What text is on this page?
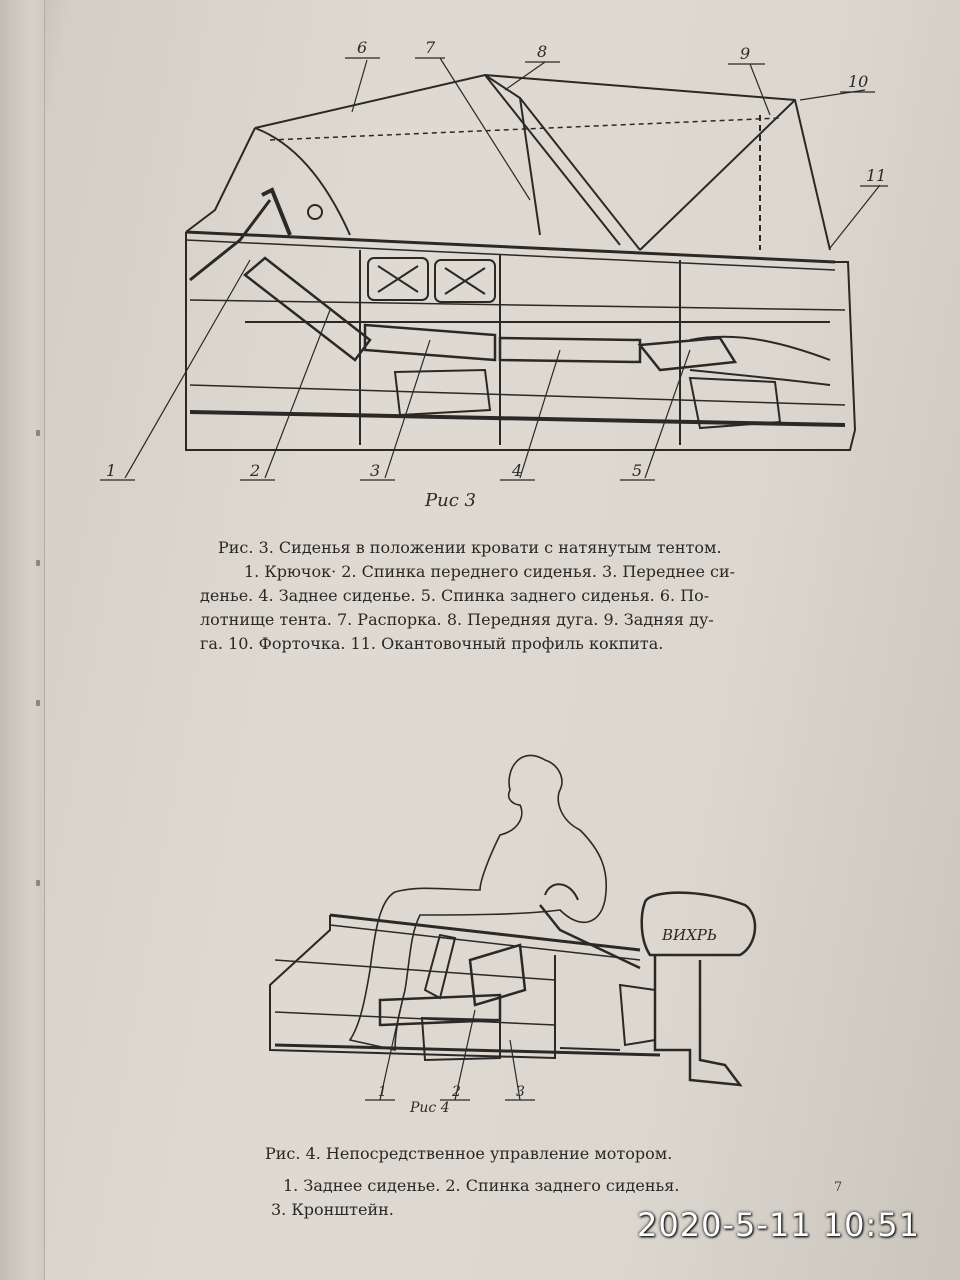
1	2	3	4	5
6	7	8	9
10
11
ВИХРЬ
1	2	3
Рис 3
Рис. 3. Сиденья в положении кровати с натянутым тентом.
1. Крючок· 2. Спинка переднего сиденья. 3. Переднее си-
денье. 4. Заднее сиденье. 5. Спинка заднего сиденья. 6. По-
лотнище тента. 7. Распорка. 8. Передняя дуга. 9. Задняя ду-
га. 10. Форточка. 11. Окантовочный профиль кокпита.
Рис 4
Рис. 4. Непосредственное управление мотором.
1. Заднее сиденье. 2. Спинка заднего сиденья.
3. Кронштейн.
7
2020-5-11 10:51
